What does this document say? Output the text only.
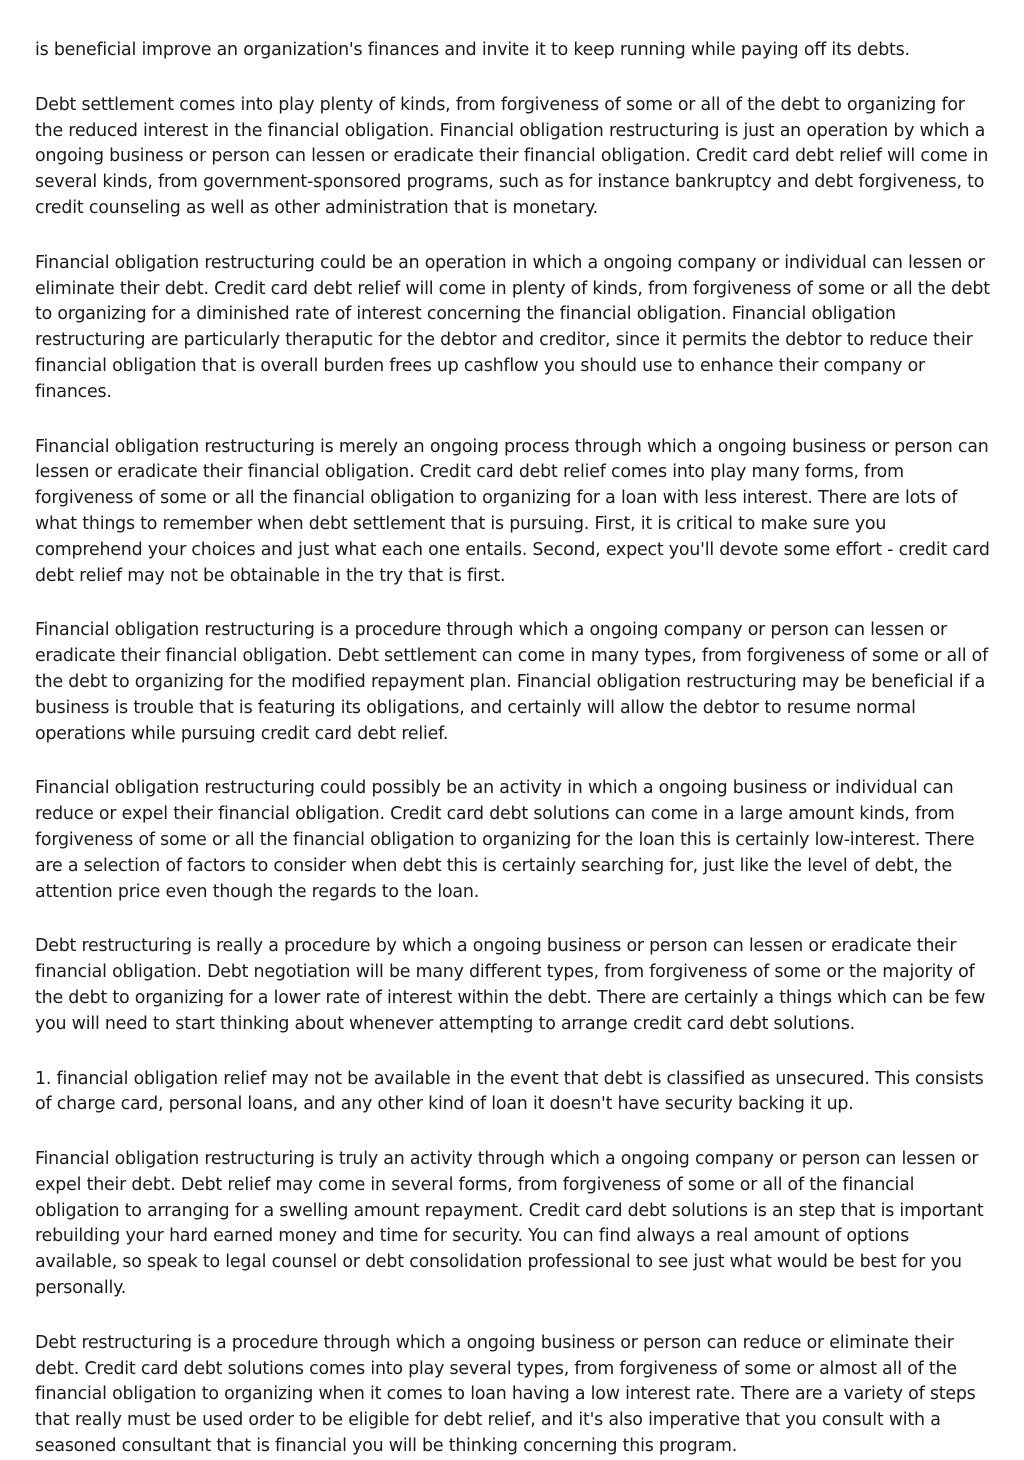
is beneficial improve an organization's finances and invite it to keep running while paying off its debts.

Debt settlement comes into play plenty of kinds, from forgiveness of some or all of the debt to organizing for the reduced interest in the financial obligation. Financial obligation restructuring is just an operation by which a ongoing business or person can lessen or eradicate their financial obligation. Credit card debt relief will come in several kinds, from government-sponsored programs, such as for instance bankruptcy and debt forgiveness, to credit counseling as well as other administration that is monetary.

Financial obligation restructuring could be an operation in which a ongoing company or individual can lessen or eliminate their debt. Credit card debt relief will come in plenty of kinds, from forgiveness of some or all the debt to organizing for a diminished rate of interest concerning the financial obligation. Financial obligation restructuring are particularly theraputic for the debtor and creditor, since it permits the debtor to reduce their financial obligation that is overall burden frees up cashflow you should use to enhance their company or finances.

Financial obligation restructuring is merely an ongoing process through which a ongoing business or person can lessen or eradicate their financial obligation. Credit card debt relief comes into play many forms, from forgiveness of some or all the financial obligation to organizing for a loan with less interest. There are lots of what things to remember when debt settlement that is pursuing. First, it is critical to make sure you comprehend your choices and just what each one entails. Second, expect you'll devote some effort - credit card debt relief may not be obtainable in the try that is first.

Financial obligation restructuring is a procedure through which a ongoing company or person can lessen or eradicate their financial obligation. Debt settlement can come in many types, from forgiveness of some or all of the debt to organizing for the modified repayment plan. Financial obligation restructuring may be beneficial if a business is trouble that is featuring its obligations, and certainly will allow the debtor to resume normal operations while pursuing credit card debt relief.

Financial obligation restructuring could possibly be an activity in which a ongoing business or individual can reduce or expel their financial obligation. Credit card debt solutions can come in a large amount kinds, from forgiveness of some or all the financial obligation to organizing for the loan this is certainly low-interest. There are a selection of factors to consider when debt this is certainly searching for, just like the level of debt, the attention price even though the regards to the loan.

Debt restructuring is really a procedure by which a ongoing business or person can lessen or eradicate their financial obligation. Debt negotiation will be many different types, from forgiveness of some or the majority of the debt to organizing for a lower rate of interest within the debt. There are certainly a things which can be few you will need to start thinking about whenever attempting to arrange credit card debt solutions.

1. financial obligation relief may not be available in the event that debt is classified as unsecured. This consists of charge card, personal loans, and any other kind of loan it doesn't have security backing it up.

Financial obligation restructuring is truly an activity through which a ongoing company or person can lessen or expel their debt. Debt relief may come in several forms, from forgiveness of some or all of the financial obligation to arranging for a swelling amount repayment. Credit card debt solutions is an step that is important rebuilding your hard earned money and time for security. You can find always a real amount of options available, so speak to legal counsel or debt consolidation professional to see just what would be best for you personally.

Debt restructuring is a procedure through which a ongoing business or person can reduce or eliminate their debt. Credit card debt solutions comes into play several types, from forgiveness of some or almost all of the financial obligation to organizing when it comes to loan having a low interest rate. There are a variety of steps that really must be used order to be eligible for debt relief, and it's also imperative that you consult with a seasoned consultant that is financial you will be thinking concerning this program.
